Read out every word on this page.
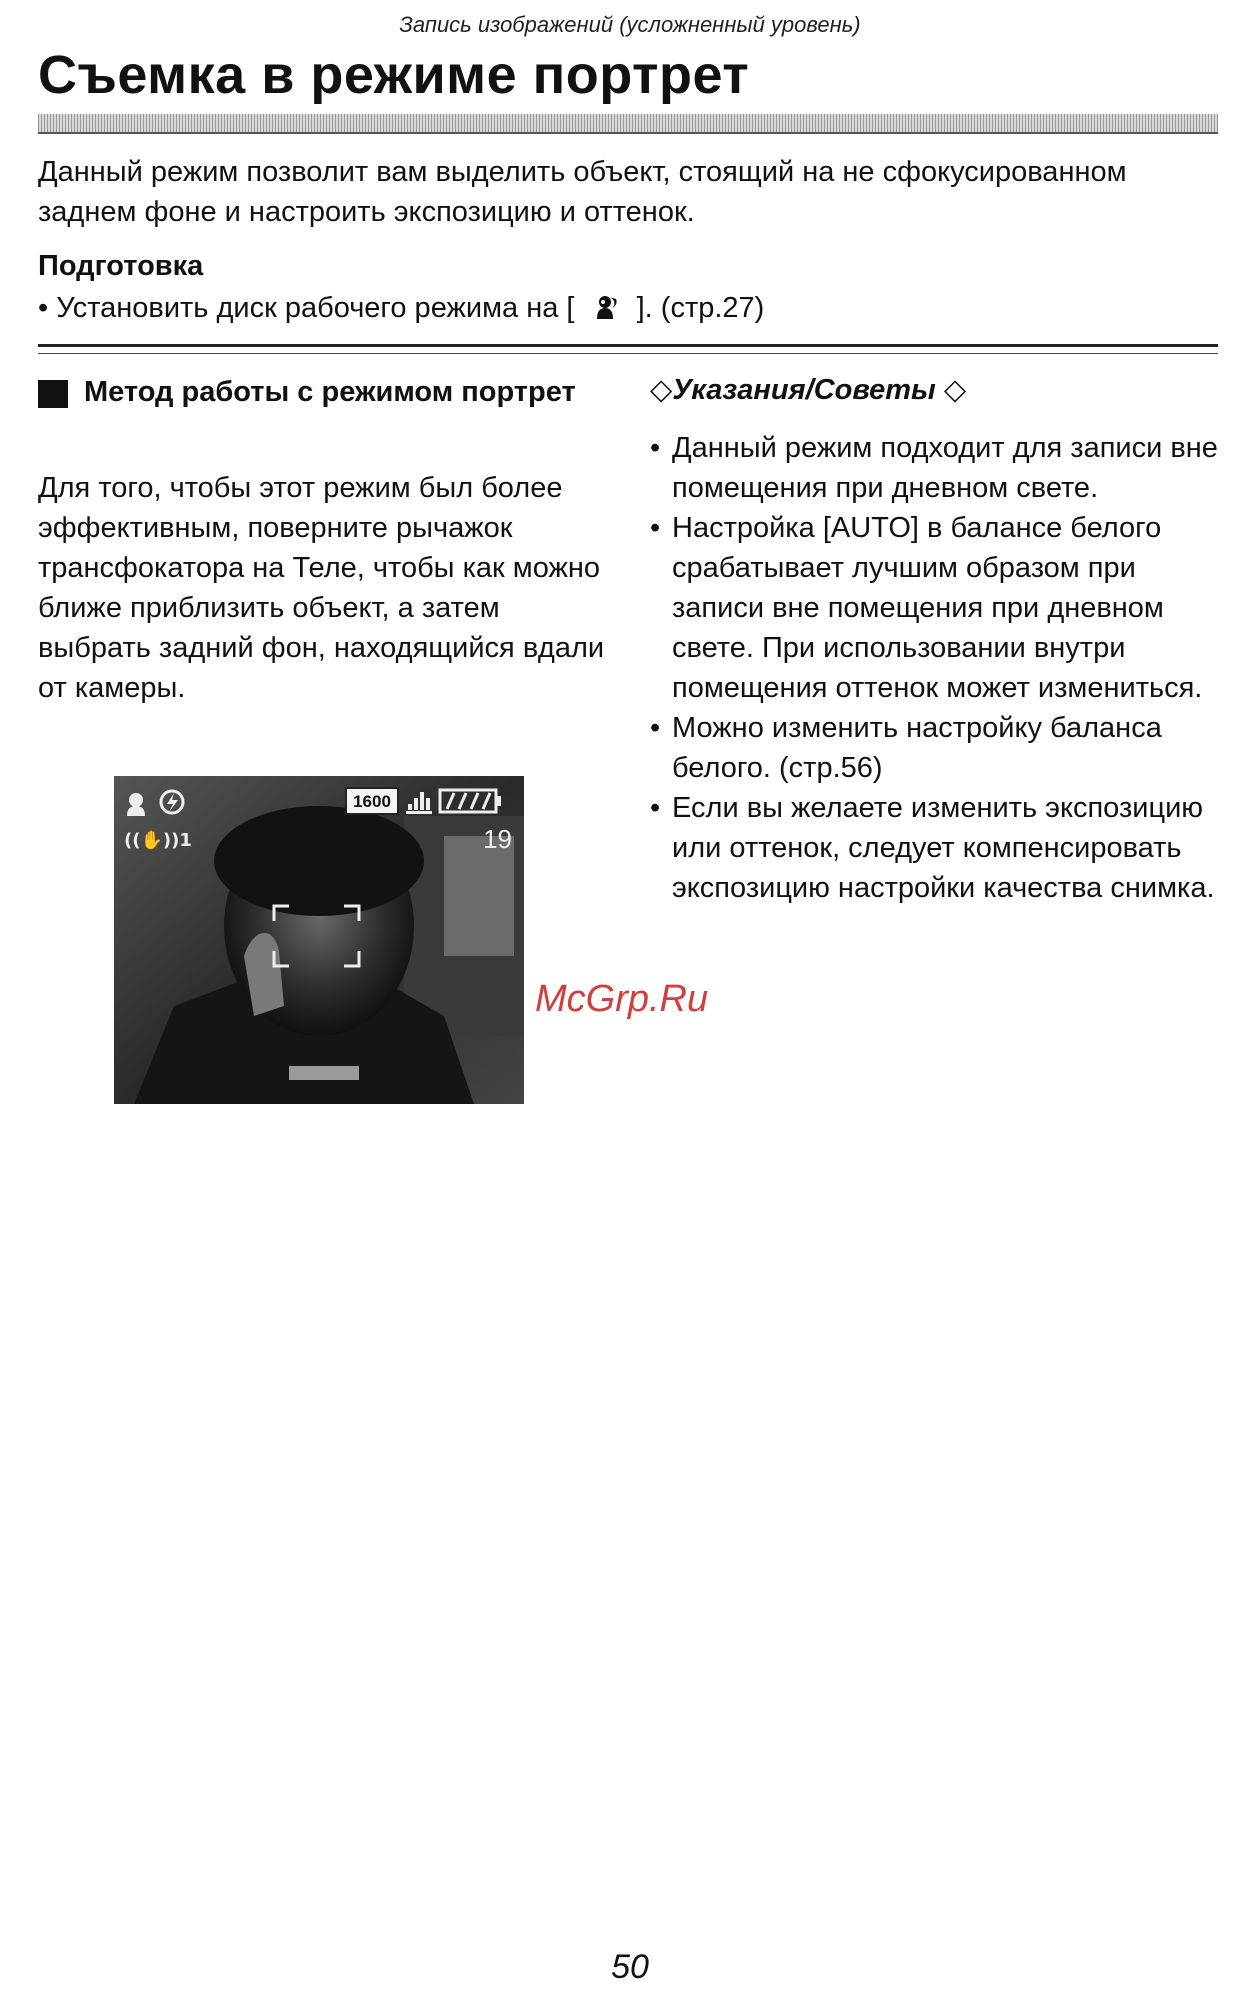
Запись изображений (усложненный уровень)
Съемка в режиме портрет

Данный режим позволит вам выделить объект, стоящий на не сфокусированном заднем фоне и настроить экспозицию и оттенок.

Подготовка
• Установить диск рабочего режима на [ ]. (стр.27)
Метод работы с режимом портрет

Для того, чтобы этот режим был более эффективным, поверните рычажок трансфокатора на Теле, чтобы как можно ближе приблизить объект, а затем выбрать задний фон, находящийся вдали от камеры.

1600
((✋))1	19
◇Указания/Советы ◇
• Данный режим подходит для записи вне помещения при дневном свете.
• Настройка [AUTO] в балансе белого срабатывает лучшим образом при записи вне помещения при дневном свете. При использовании внутри помещения оттенок может измениться.
• Можно изменить настройку баланса белого. (стр.56)
• Если вы желаете изменить экспозицию или оттенок, следует компенсировать экспозицию настройки качества снимка.
McGrp.Ru
50
